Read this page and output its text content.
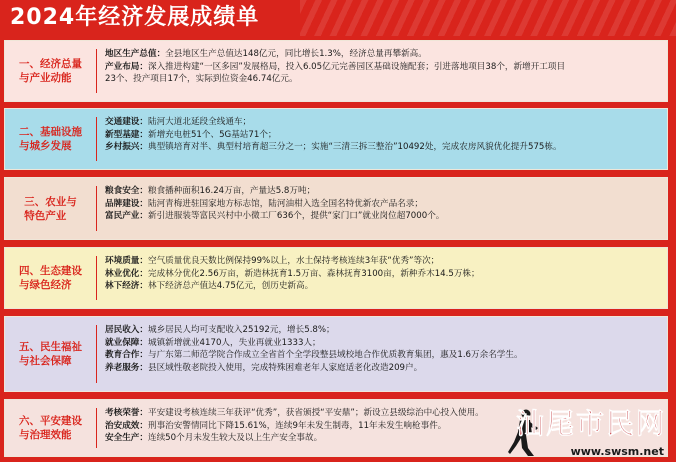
2024年经济发展成绩单
一、经济总量
与产业动能
地区生产总值：全县地区生产总值达148亿元，同比增长1.3%，经济总量再攀新高。
产业布局：深入推进构建“一区多园”发展格局，投入6.05亿元完善园区基础设施配套；引进落地项目38个，新增开工项目
23个、投产项目17个，实际到位资金46.74亿元。
二、基础设施
与城乡发展
交通建设：陆河大道北延段全线通车；
新型基建：新增充电桩51个、5G基站71个；
乡村振兴：典型镇培育对半、典型村培育超三分之一；实施“三清三拆三整治”10492处，完成农房风貌优化提升575栋。
三、农业与
特色产业
粮食安全：粮食播种面积16.24万亩，产量达5.8万吨；
品牌建设：陆河青梅进驻国家地方标志馆，陆河油柑入选全国名特优新农产品名录；
富民产业：新引进服装等富民兴村中小微工厂636个，提供“家门口”就业岗位超7000个。
四、生态建设
与绿色经济
环境质量：空气质量优良天数比例保持99%以上，水土保持考核连续3年获“优秀”等次；
林业优化：完成林分优化2.56万亩，新造林抚育1.5万亩、森林抚育3100亩，新种乔木14.5万株；
林下经济：林下经济总产值达4.75亿元，创历史新高。
五、民生福祉
与社会保障
居民收入：城乡居民人均可支配收入25192元，增长5.8%；
就业保障：城镇新增就业4170人，失业再就业1333人；
教育合作：与广东第二师范学院合作成立全省首个全学段整县域校地合作优质教育集团，惠及1.6万余名学生。
养老服务：县区域性敬老院投入使用，完成特殊困难老年人家庭适老化改造209户。
六、平安建设
与治理效能
考核荣誉：平安建设考核连续三年获评“优秀”，获省颁授“平安鼎”；新设立县级综治中心投入使用。
治安成效：刑事治安警情同比下降15.61%，连续9年未发生制毒，11年未发生响枪事件。
安全生产：连续50个月未发生较大及以上生产安全事故。	汕尾市民网
www.swsm.net
